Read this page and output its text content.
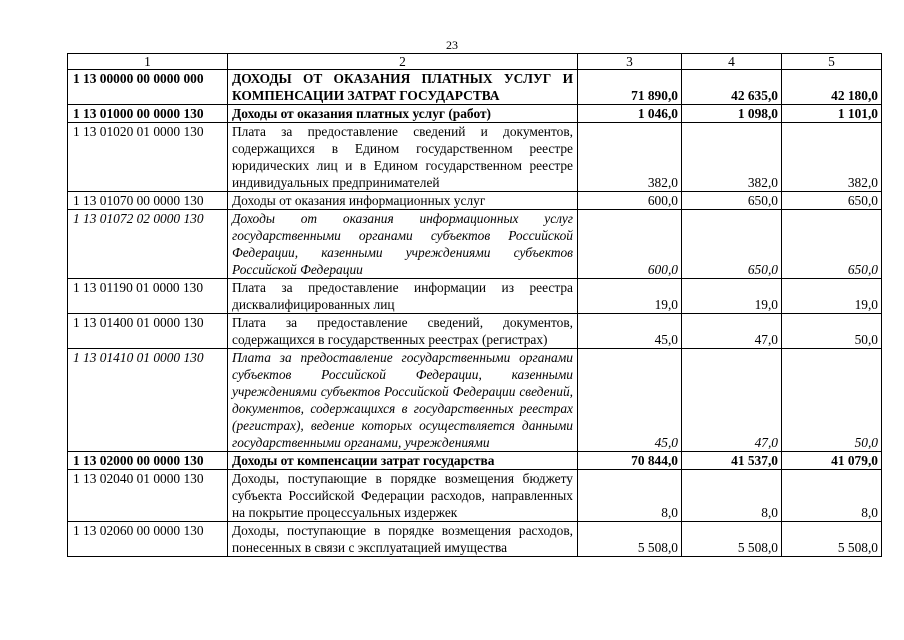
23
1	2	3	4	5
1 13 00000 00 0000 000	ДОХОДЫ ОТ ОКАЗАНИЯ ПЛАТНЫХ УСЛУГ И КОМПЕНСАЦИИ ЗАТРАТ ГОСУДАРСТВА	71 890,0	42 635,0	42 180,0
1 13 01000 00 0000 130	Доходы от оказания платных услуг (работ)	1 046,0	1 098,0	1 101,0
1 13 01020 01 0000 130	Плата за предоставление сведений и документов, содержащихся в Едином государственном реестре юридических лиц и в Едином государственном реестре индивидуальных предпринимателей	382,0	382,0	382,0
1 13 01070 00 0000 130	Доходы от оказания информационных услуг	600,0	650,0	650,0
1 13 01072 02 0000 130	Доходы от оказания информационных услуг государственными органами субъектов Российской Федерации, казенными учреждениями субъектов Российской Федерации	600,0	650,0	650,0
1 13 01190 01 0000 130	Плата за предоставление информации из реестра дисквалифицированных лиц	19,0	19,0	19,0
1 13 01400 01 0000 130	Плата за предоставление сведений, документов, содержащихся в государственных реестрах (регистрах)	45,0	47,0	50,0
1 13 01410 01 0000 130	Плата за предоставление государственными органами субъектов Российской Федерации, казенными учреждениями субъектов Российской Федерации сведений, документов, содержащихся в государственных реестрах (регистрах), ведение которых осуществляется данными государственными органами, учреждениями	45,0	47,0	50,0
1 13 02000 00 0000 130	Доходы от компенсации затрат государства	70 844,0	41 537,0	41 079,0
1 13 02040 01 0000 130	Доходы, поступающие в порядке возмещения бюджету субъекта Российской Федерации расходов, направленных на покрытие процессуальных издержек	8,0	8,0	8,0
1 13 02060 00 0000 130	Доходы, поступающие в порядке возмещения расходов, понесенных в связи с эксплуатацией имущества	5 508,0	5 508,0	5 508,0
